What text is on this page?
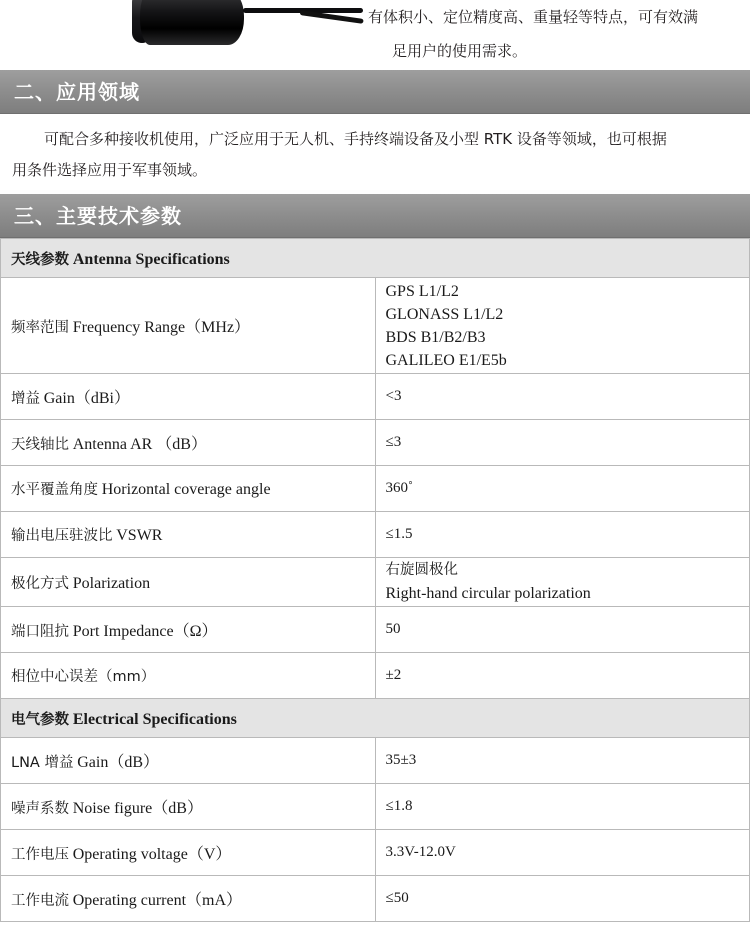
有体积小、定位精度高、重量轻等特点，可有效满
足用户的使用需求。
二、应用领域
可配合多种接收机使用，广泛应用于无人机、手持终端设备及小型 RTK 设备等领域，也可根据
用条件选择应用于军事领域。
三、主要技术参数
天线参数 Antenna Specifications	
频率范围 Frequency Range（MHz）	GPS L1/L2
GLONASS L1/L2
BDS B1/B2/B3
GALILEO E1/E5b

增益 Gain（dBi）	<3
天线轴比 Antenna AR （dB）	≤3
水平覆盖角度 Horizontal coverage angle	360˚
输出电压驻波比 VSWR	≤1.5
极化方式 Polarization	右旋圆极化
Right-hand circular polarization

端口阻抗 Port Impedance（Ω）	50
相位中心误差（mm）	±2
电气参数 Electrical Specifications	
LNA 增益 Gain（dB）	35±3
噪声系数 Noise figure（dB）	≤1.8
工作电压 Operating voltage（V）	3.3V-12.0V
工作电流 Operating current（mA）	≤50
